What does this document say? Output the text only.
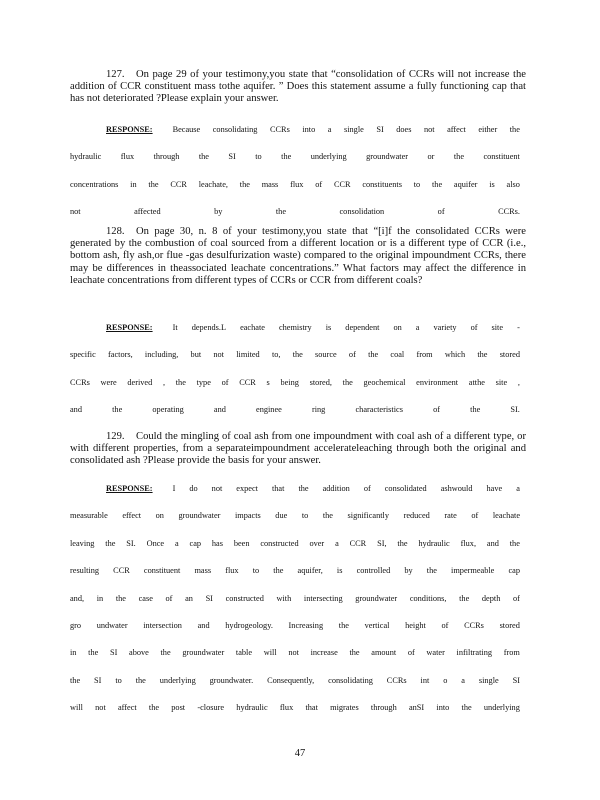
127. On page 29 of your testimony,you state that “consolidation of CCRs will not increase the addition of CCR constituent mass tothe aquifer. ” Does this statement assume a fully functioning cap that has not deteriorated ?Please explain your answer.
RESPONSE: Because consolidating CCRs into a single SI does not affect either the
hydraulic flux through the SI to the underlying groundwater or the constituent
concentrations in the CCR leachate, the mass flux of CCR constituents to the aquifer is also
not	affected	by	the	consolidation	of	CCRs.
128. On page 30, n. 8 of your testimony,you state that “[i]f the consolidated CCRs were generated by the combustion of coal sourced from a different location or is a different type of CCR (i.e., bottom ash, fly ash,or flue -gas desulfurization waste) compared to the original impoundment CCRs, there may be differences in theassociated leachate concentrations.” What factors may affect the difference in leachate concentrations from different types of CCRs or CCR from different coals?
RESPONSE: It depends.L eachate chemistry is dependent on a variety of site -
specific factors, including, but not limited to, the source of the coal from which the stored
CCRs were derived , the type of CCR s being stored, the geochemical environment atthe site ,
and	the	operating	and	enginee	ring	characteristics	of	the	SI.
129. Could the mingling of coal ash from one impoundment with coal ash of a different type, or with different properties, from a separateimpoundment accelerateleaching through both the original and consolidated ash ?Please provide the basis for your answer.
RESPONSE: I do not expect that the addition of consolidated ashwould have a
measurable effect on groundwater impacts due to the significantly reduced rate of leachate
leaving the SI. Once a cap has been constructed over a CCR SI, the hydraulic flux, and the
resulting CCR constituent mass flux to the aquifer, is controlled by the impermeable cap
and, in the case of an SI constructed with intersecting groundwater conditions, the depth of
gro undwater intersection and hydrogeology. Increasing the vertical height of CCRs stored
in the SI above the groundwater table will not increase the amount of water infiltrating from
the SI to the underlying groundwater. Consequently, consolidating CCRs int o a single SI
will not affect the post -closure hydraulic flux that migrates through anSI into the underlying
47
